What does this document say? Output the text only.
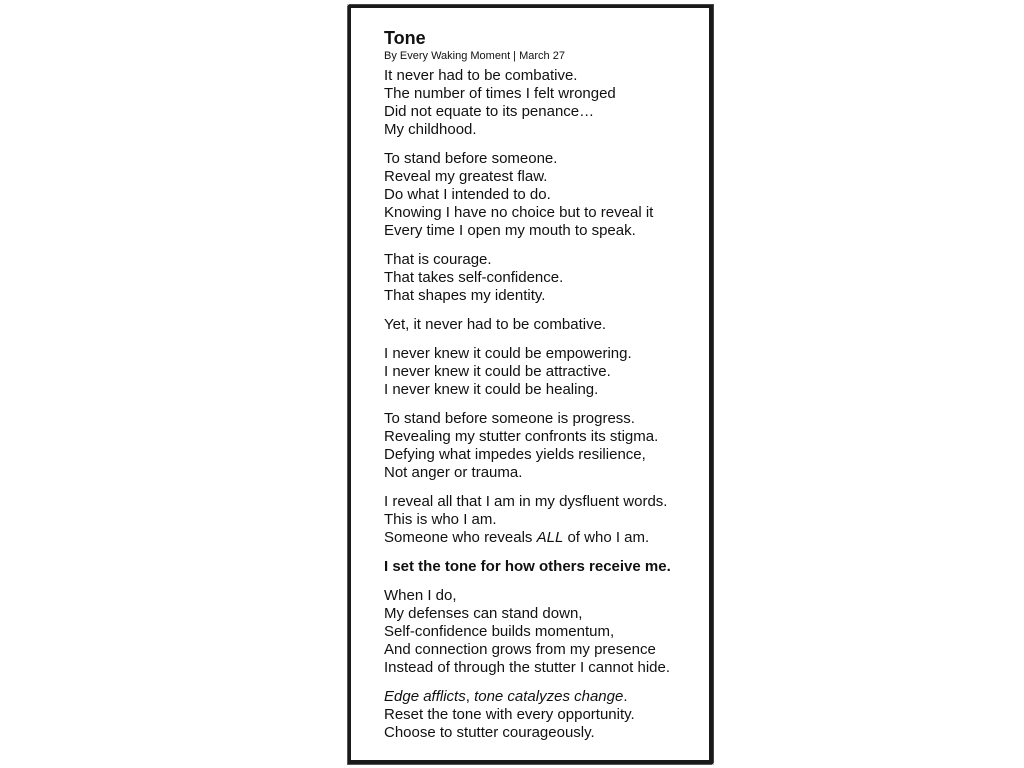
Tone

By Every Waking Moment | March 27

It never had to be combative.
The number of times I felt wronged
Did not equate to its penance…
My childhood.
To stand before someone.
Reveal my greatest flaw.
Do what I intended to do.
Knowing I have no choice but to reveal it
Every time I open my mouth to speak.
That is courage.
That takes self-confidence.
That shapes my identity.
Yet, it never had to be combative.
I never knew it could be empowering.
I never knew it could be attractive.
I never knew it could be healing.
To stand before someone is progress.
Revealing my stutter confronts its stigma.
Defying what impedes yields resilience,
Not anger or trauma.
I reveal all that I am in my dysfluent words.
This is who I am.
Someone who reveals ALL of who I am.
I set the tone for how others receive me.
When I do,
My defenses can stand down,
Self-confidence builds momentum,
And connection grows from my presence
Instead of through the stutter I cannot hide.
Edge afflicts, tone catalyzes change.
Reset the tone with every opportunity.
Choose to stutter courageously.
